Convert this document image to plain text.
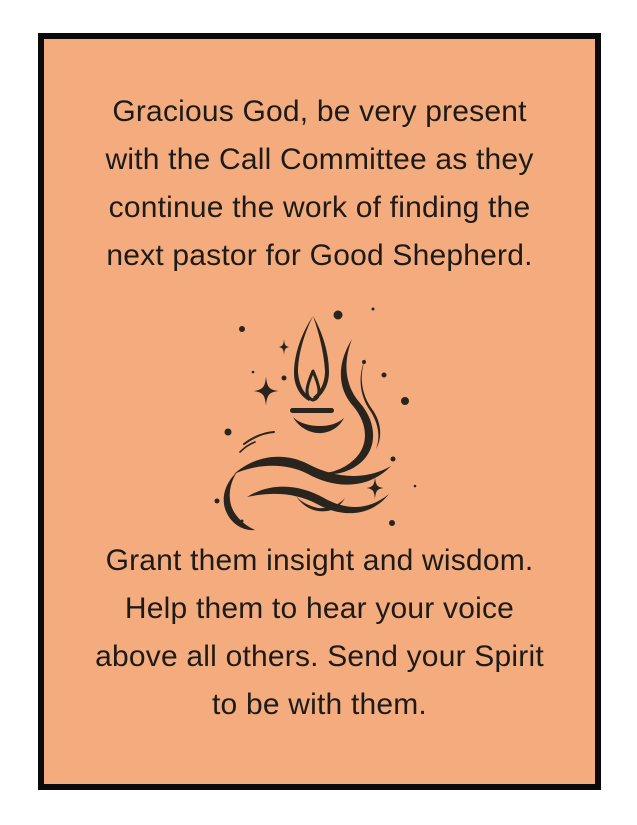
Gracious God, be very present
with the Call Committee as they
continue the work of finding the
next pastor for Good Shepherd.
Grant them insight and wisdom.
Help them to hear your voice
above all others. Send your Spirit
to be with them.
